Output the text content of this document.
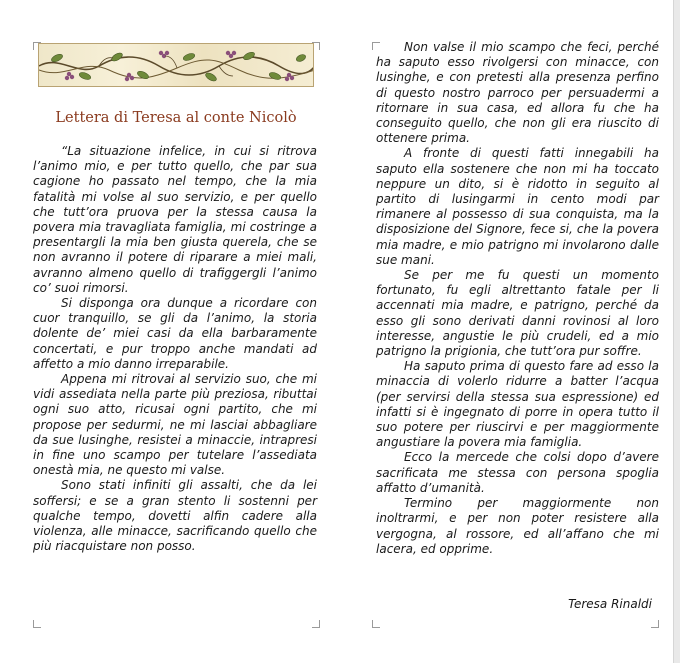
Lettera di Teresa al conte Nicolò

“La situazione infelice, in cui si ritrova l’animo mio, e per tutto quello, che par sua cagione ho passato nel tempo, che la mia fatalità mi volse al suo servizio, e per quello che tutt’ora pruova per la stessa causa la povera mia travagliata famiglia, mi costringe a presentargli la mia ben giusta querela, che se non avranno il potere di riparare a miei mali, avranno almeno quello di trafiggergli l’animo co’ suoi rimorsi.

Si disponga ora dunque a ricordare con cuor tranquillo, se gli da l’animo, la storia dolente de’ miei casi da ella barbaramente concertati, e pur troppo anche mandati ad affetto a mio danno irreparabile.

Appena mi ritrovai al servizio suo, che mi vidi assediata nella parte più preziosa, ributtai ogni suo atto, ricusai ogni partito, che mi propose per sedurmi, ne mi lasciai abbagliare da sue lusinghe, resistei a minaccie, intrapresi in fine uno scampo per tutelare l’assediata onestà mia, ne questo mi valse.

Sono stati infiniti gli assalti, che da lei soffersi; e se a gran stento li sostenni per qualche tempo, dovetti alfin cadere alla violenza, alle minacce, sacrificando quello che più riacquistare non posso.

Non valse il mio scampo che feci, perché ha saputo esso rivolgersi con minacce, con lusinghe, e con pretesti alla presenza perfino di questo nostro parroco per persuadermi a ritornare in sua casa, ed allora fu che ha conseguito quello, che non gli era riuscito di ottenere prima.

A fronte di questi fatti innegabili ha saputo ella sostenere che non mi ha toccato neppure un dito, si è ridotto in seguito al partito di lusingarmi in cento modi par rimanere al possesso di sua conquista, ma la disposizione del Signore, fece si, che la povera mia madre, e mio patrigno mi involarono dalle sue mani.

Se per me fu questi un momento fortunato, fu egli altrettanto fatale per li accennati mia madre, e patrigno, perché da esso gli sono derivati danni rovinosi al loro interesse, angustie le più crudeli, ed a mio patrigno la prigionia, che tutt’ora pur soffre.

Ha saputo prima di questo fare ad esso la minaccia di volerlo ridurre a batter l’acqua (per servirsi della stessa sua espressione) ed infatti si è ingegnato di porre in opera tutto il suo potere per riuscirvi e per maggiormente angustiare la povera mia famiglia.

Ecco la mercede che colsi dopo d’avere sacrificata me stessa con persona spoglia affatto d’umanità.

Termino per maggiormente non inoltrarmi, e per non poter resistere alla vergogna, al rossore, ed all’affano che mi lacera, ed opprime.

Teresa Rinaldi
